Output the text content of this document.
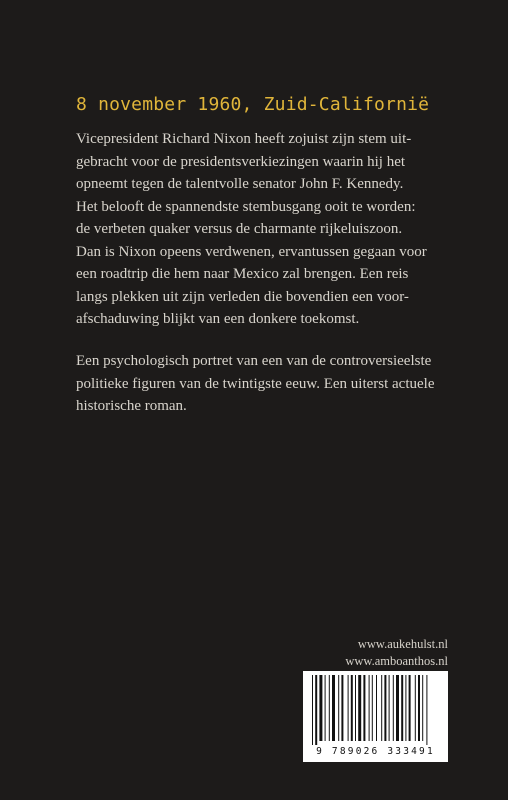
8 november 1960, Zuid-Californië
Vicepresident Richard Nixon heeft zojuist zijn stem uit-
gebracht voor de presidentsverkiezingen waarin hij het
opneemt tegen de talentvolle senator John F. Kennedy.
Het belooft de spannendste stembusgang ooit te worden:
de verbeten quaker versus de charmante rijkeluiszoon.
Dan is Nixon opeens verdwenen, ervantussen gegaan voor
een roadtrip die hem naar Mexico zal brengen. Een reis
langs plekken uit zijn verleden die bovendien een voor-
afschaduwing blijkt van een donkere toekomst.
Een psychologisch portret van een van de controversieelste
politieke figuren van de twintigste eeuw. Een uiterst actuele
historische roman.
www.aukehulst.nl
www.amboanthos.nl
9 789026 333491
